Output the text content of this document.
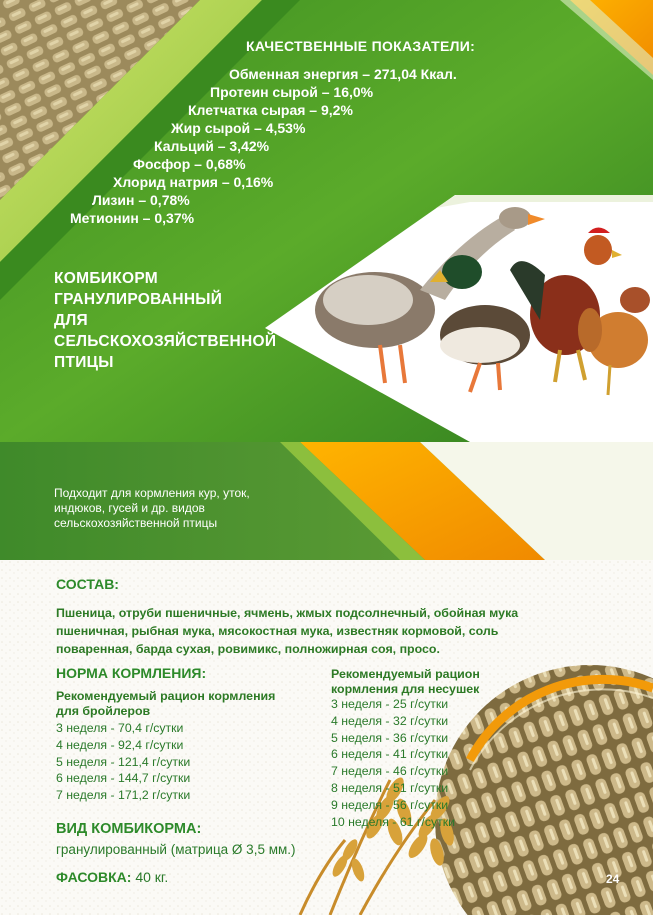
КАЧЕСТВЕННЫЕ ПОКАЗАТЕЛИ:
Обменная энергия – 271,04 Ккал.
Протеин сырой – 16,0%
Клетчатка сырая – 9,2%
Жир сырой – 4,53%
Кальций – 3,42%
Фосфор – 0,68%
Хлорид натрия – 0,16%
Лизин – 0,78%
Метионин – 0,37%
КОМБИКОРМ
ГРАНУЛИРОВАННЫЙ
ДЛЯ
СЕЛЬСКОХОЗЯЙСТВЕННОЙ
ПТИЦЫ
Подходит для кормления кур, уток,
индюков, гусей и др. видов
сельскохозяйственной птицы
СОСТАВ:
Пшеница, отруби пшеничные, ячмень, жмых подсолнечный, обойная мука
пшеничная, рыбная мука, мясокостная мука, известняк кормовой, соль
поваренная, барда сухая, ровимикс, полножирная соя, просо.
НОРМА КОРМЛЕНИЯ:
Рекомендуемый рацион кормления
для бройлеров
3 неделя - 70,4 г/сутки
4 неделя - 92,4 г/сутки
5 неделя - 121,4 г/сутки
6 неделя - 144,7 г/сутки
7 неделя - 171,2 г/сутки
Рекомендуемый рацион
кормления для несушек
3 неделя - 25 г/сутки
4 неделя - 32 г/сутки
5 неделя - 36 г/сутки
6 неделя - 41 г/сутки
7 неделя - 46 г/сутки
8 неделя - 51 г/сутки
9 неделя - 56 г/сутки
10 неделя - 61 г/сутки
ВИД КОМБИКОРМА:
гранулированный (матрица Ø 3,5 мм.)
ФАСОВКА: 40 кг.	24
